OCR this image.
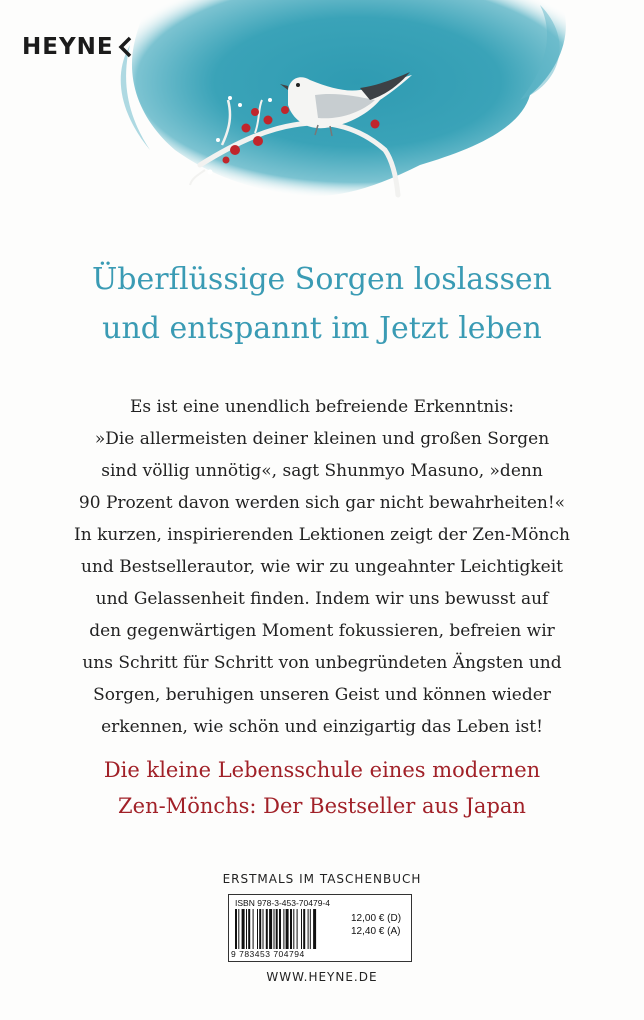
HEYNE
Überflüssige Sorgen loslassen
und entspannt im Jetzt leben
Es ist eine unendlich befreiende Erkenntnis:
»Die allermeisten deiner kleinen und großen Sorgen
sind völlig unnötig«, sagt Shunmyo Masuno, »denn
90 Prozent davon werden sich gar nicht bewahrheiten!«
In kurzen, inspirierenden Lektionen zeigt der Zen-Mönch
und Bestsellerautor, wie wir zu ungeahnter Leichtigkeit
und Gelassenheit finden. Indem wir uns bewusst auf
den gegenwärtigen Moment fokussieren, befreien wir
uns Schritt für Schritt von unbegründeten Ängsten und
Sorgen, beruhigen unseren Geist und können wieder
erkennen, wie schön und einzigartig das Leben ist!
Die kleine Lebensschule eines modernen
Zen-Mönchs: Der Bestseller aus Japan
ERSTMALS IM TASCHENBUCH
ISBN 978-3-453-70479-4
9 783453 704794
12,00 € (D)
12,40 € (A)
WWW.HEYNE.DE
